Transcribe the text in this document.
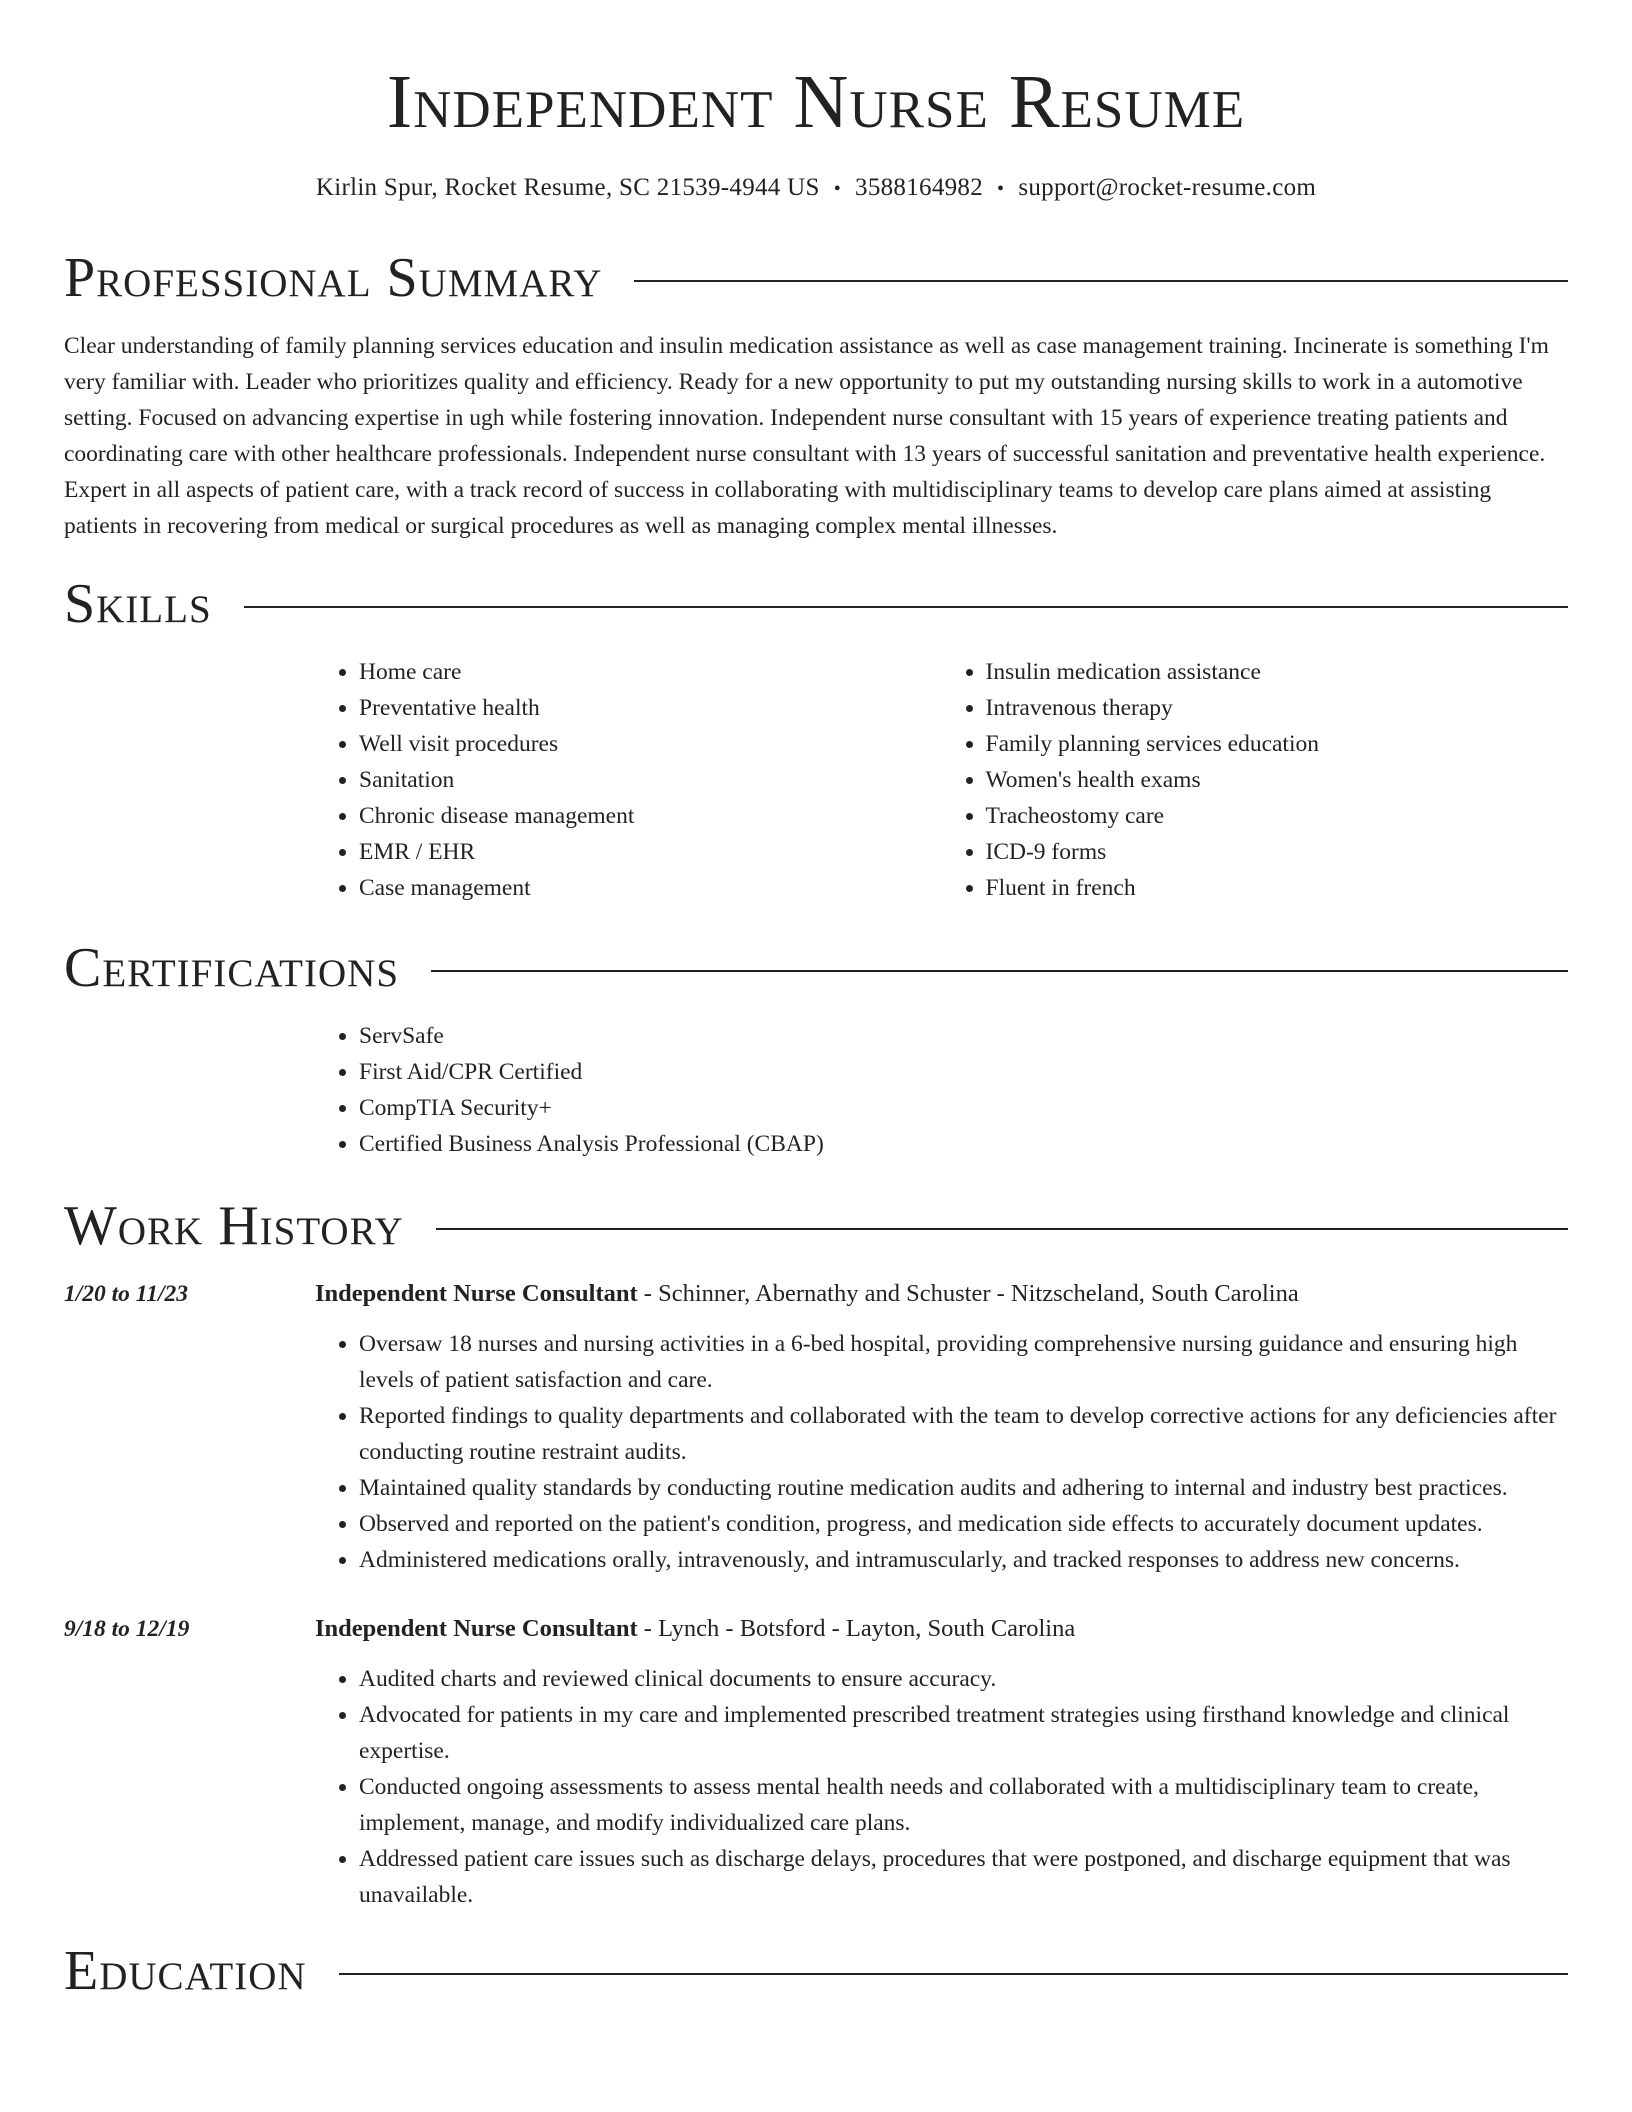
Independent Nurse Resume
Kirlin Spur, Rocket Resume, SC 21539-4944 US • 3588164982 • support@rocket-resume.com
Professional Summary

Clear understanding of family planning services education and insulin medication assistance as well as case management training. Incinerate is something I'm very familiar with. Leader who prioritizes quality and efficiency. Ready for a new opportunity to put my outstanding nursing skills to work in a automotive setting. Focused on advancing expertise in ugh while fostering innovation. Independent nurse consultant with 15 years of experience treating patients and coordinating care with other healthcare professionals. Independent nurse consultant with 13 years of successful sanitation and preventative health experience. Expert in all aspects of patient care, with a track record of success in collaborating with multidisciplinary teams to develop care plans aimed at assisting patients in recovering from medical or surgical procedures as well as managing complex mental illnesses.

Skills
• Home care
• Preventative health
• Well visit procedures
• Sanitation
• Chronic disease management
• EMR / EHR
• Case management
• Insulin medication assistance
• Intravenous therapy
• Family planning services education
• Women's health exams
• Tracheostomy care
• ICD-9 forms
• Fluent in french
Certifications
• ServSafe
• First Aid/CPR Certified
• CompTIA Security+
• Certified Business Analysis Professional (CBAP)
Work History
1/20 to 11/23	Independent Nurse Consultant - Schinner, Abernathy and Schuster - Nitzscheland, South Carolina
• Oversaw 18 nurses and nursing activities in a 6-bed hospital, providing comprehensive nursing guidance and ensuring high levels of patient satisfaction and care.
• Reported findings to quality departments and collaborated with the team to develop corrective actions for any deficiencies after conducting routine restraint audits.
• Maintained quality standards by conducting routine medication audits and adhering to internal and industry best practices.
• Observed and reported on the patient's condition, progress, and medication side effects to accurately document updates.
• Administered medications orally, intravenously, and intramuscularly, and tracked responses to address new concerns.
9/18 to 12/19	Independent Nurse Consultant - Lynch - Botsford - Layton, South Carolina
• Audited charts and reviewed clinical documents to ensure accuracy.
• Advocated for patients in my care and implemented prescribed treatment strategies using firsthand knowledge and clinical expertise.
• Conducted ongoing assessments to assess mental health needs and collaborated with a multidisciplinary team to create, implement, manage, and modify individualized care plans.
• Addressed patient care issues such as discharge delays, procedures that were postponed, and discharge equipment that was unavailable.
Education
